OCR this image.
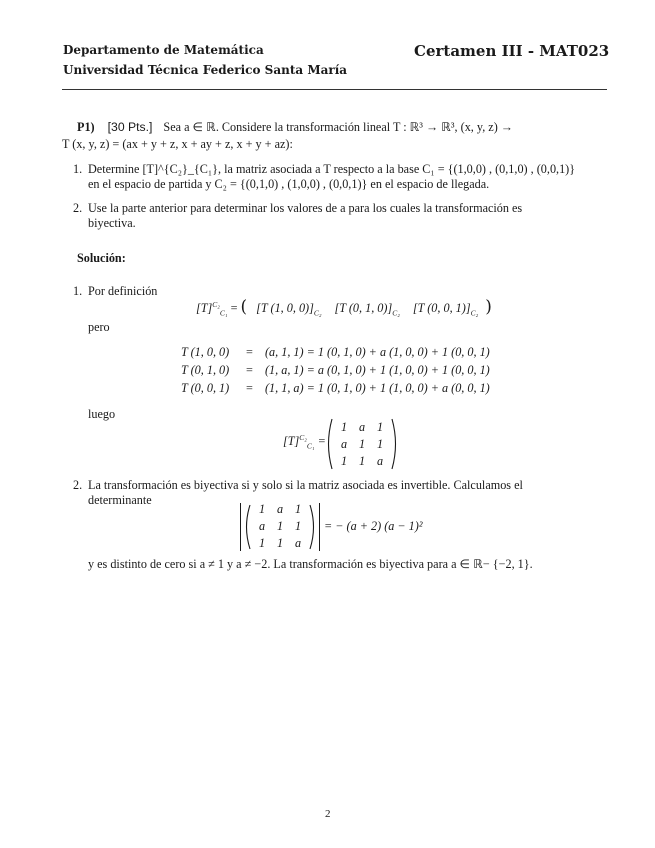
Departamento de Matemática
Universidad Técnica Federico Santa María
Certamen III - MAT023
P1) [30 Pts.] Sea a ∈ ℝ. Considere la transformación lineal T : ℝ³ → ℝ³, (x, y, z) →
T (x, y, z) = (ax + y + z, x + ay + z, x + y + az):
1. Determine [T]^{C₂}_{C₁}, la matriz asociada a T respecto a la base C₁ = {(1,0,0) , (0,1,0) , (0,0,1)}
en el espacio de partida y C₂ = {(0,1,0) , (1,0,0) , (0,0,1)} en el espacio de llegada.
2. Use la parte anterior para determinar los valores de a para los cuales la transformación es
biyectiva.
Solución:
1. Por definición
$[T]^{C_2}_{C_1}$ = ( [T (1, 0, $0)]_{C_2}$ [T (0, 1, $0)]_{C_2}$ [T (0, 0, $1)]_{C_2}$ )
pero
T (1, 0, 0) = (a, 1, 1) = 1 (0, 1, 0) + a (1, 0, 0) + 1 (0, 0, 1)
T (0, 1, 0) = (1, a, 1) = a (0, 1, 0) + 1 (1, 0, 0) + 1 (0, 0, 1)
T (0, 0, 1) = (1, 1, a) = 1 (0, 1, 0) + 1 (1, 0, 0) + a (0, 0, 1)
luego
$[T]^{C_2}_{C_1}$ =
1 a 1
a 1 1
1 1 a
2. La transformación es biyectiva si y solo si la matriz asociada es invertible. Calculamos el
determinante
1 a 1
a 1 1
1 1 a
= − (a + 2) (a − 1)²
y es distinto de cero si a ≠ 1 y a ≠ −2. La transformación es biyectiva para a ∈ ℝ− {−2, 1}.
2
